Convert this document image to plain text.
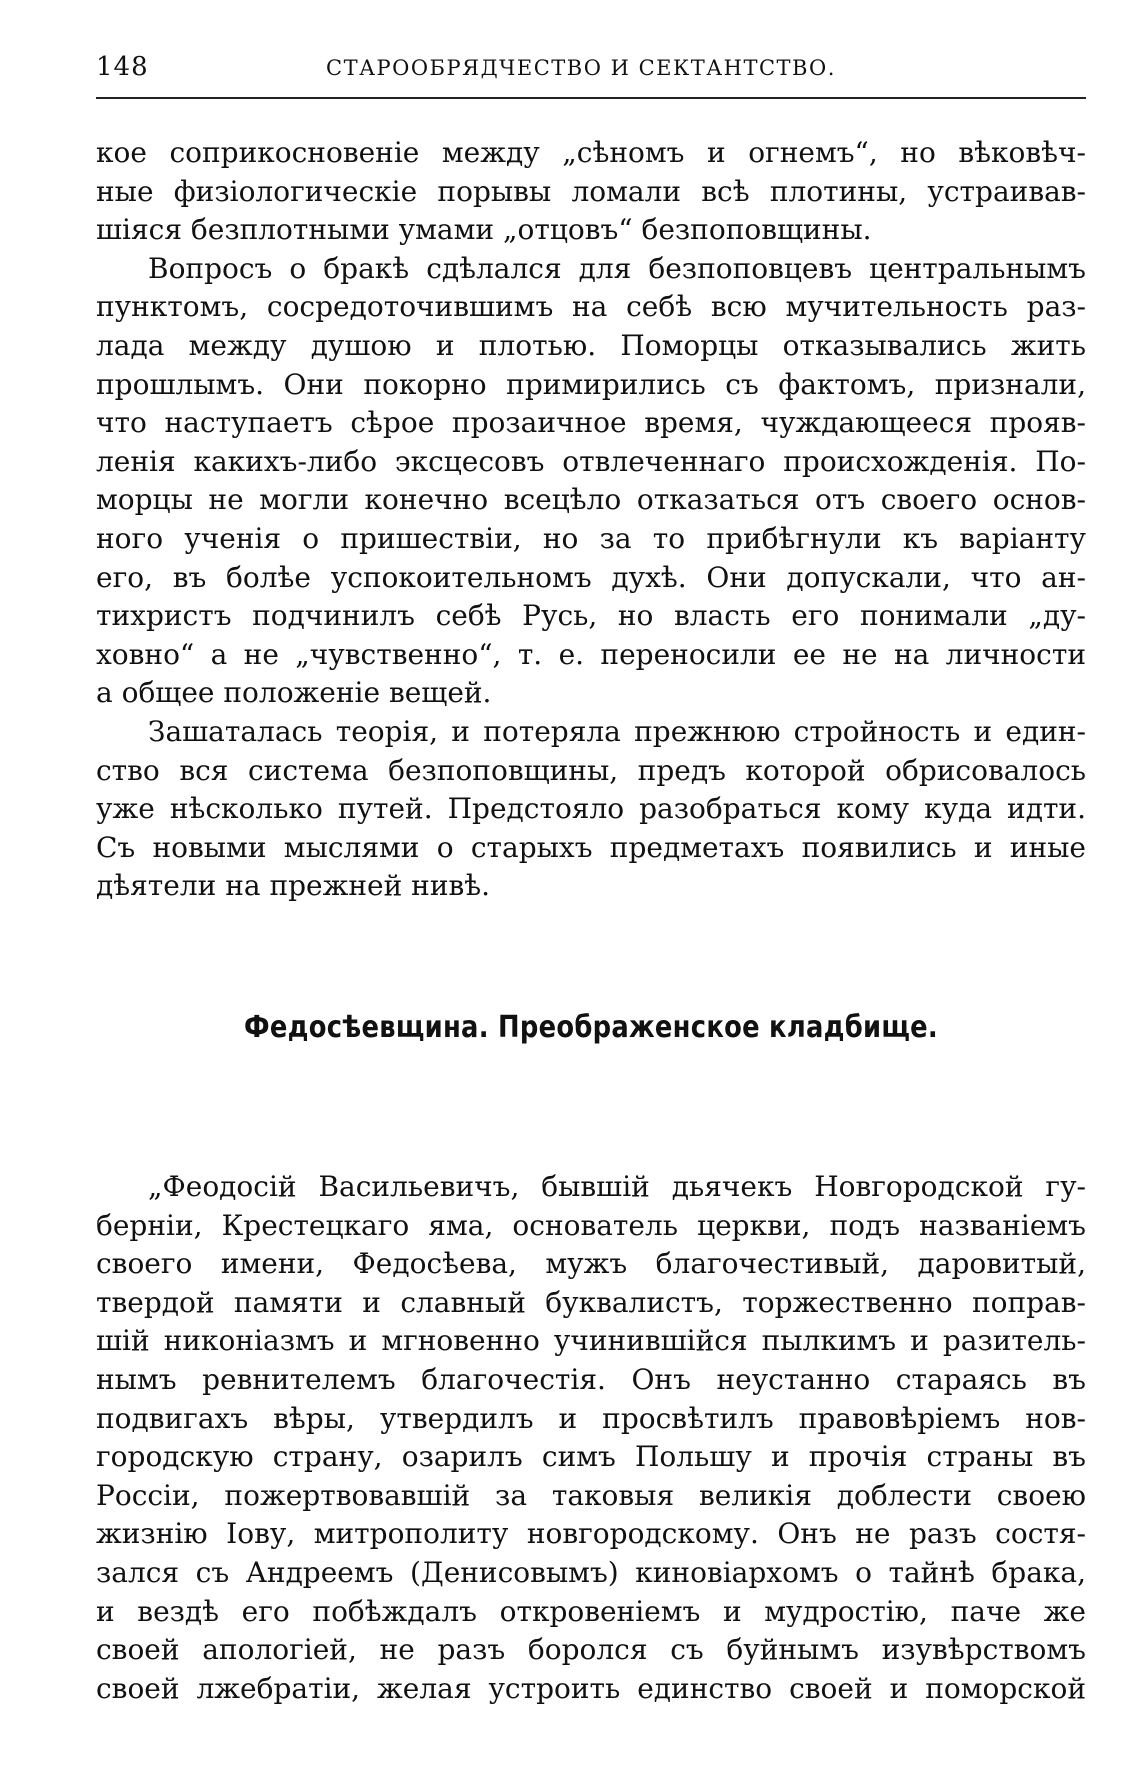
148	СТАРООБРЯДЧЕСТВО И СЕКТАНТСТВО.
кое соприкосновеніе между „сѣномъ и огнемъ“, но вѣковѣч-
ные физіологическіе порывы ломали всѣ плотины, устраивав-
шіяся безплотными умами „отцовъ“ безпоповщины.
Вопросъ о бракѣ сдѣлался для безпоповцевъ центральнымъ
пунктомъ, сосредоточившимъ на себѣ всю мучительность раз-
лада между душою и плотью. Поморцы отказывались жить
прошлымъ. Они покорно примирились съ фактомъ, признали,
что наступаетъ сѣрое прозаичное время, чуждающееся прояв-
ленія какихъ-либо эксцесовъ отвлеченнаго происхожденія. По-
морцы не могли конечно всецѣло отказаться отъ своего основ-
ного ученія о пришествіи, но за то прибѣгнули къ варіанту
его, въ болѣе успокоительномъ духѣ. Они допускали, что ан-
тихристъ подчинилъ себѣ Русь, но власть его понимали „ду-
ховно“ а не „чувственно“, т. е. переносили ее не на личности
а общее положеніе вещей.
Зашаталась теорія, и потеряла прежнюю стройность и един-
ство вся система безпоповщины, предъ которой обрисовалось
уже нѣсколько путей. Предстояло разобраться кому куда идти.
Съ новыми мыслями о старыхъ предметахъ появились и иные
дѣятели на прежней нивѣ.
Федосѣевщина. Преображенское кладбище.
„Феодосій Васильевичъ, бывшій дьячекъ Новгородской гу-
берніи, Крестецкаго яма, основатель церкви, подъ названіемъ
своего имени, Федосѣева, мужъ благочестивый, даровитый,
твердой памяти и славный буквалистъ, торжественно поправ-
шій никоніазмъ и мгновенно учинившійся пылкимъ и разитель-
нымъ ревнителемъ благочестія. Онъ неустанно стараясь въ
подвигахъ вѣры, утвердилъ и просвѣтилъ правовѣріемъ нов-
городскую страну, озарилъ симъ Польшу и прочія страны въ
Россіи, пожертвовавшій за таковыя великія доблести своею
жизнію Іову, митрополиту новгородскому. Онъ не разъ состя-
зался съ Андреемъ (Денисовымъ) киновіархомъ о тайнѣ брака,
и вездѣ его побѣждалъ откровеніемъ и мудростію, паче же
своей апологіей, не разъ боролся съ буйнымъ изувѣрствомъ
своей лжебратіи, желая устроить единство своей и поморской
